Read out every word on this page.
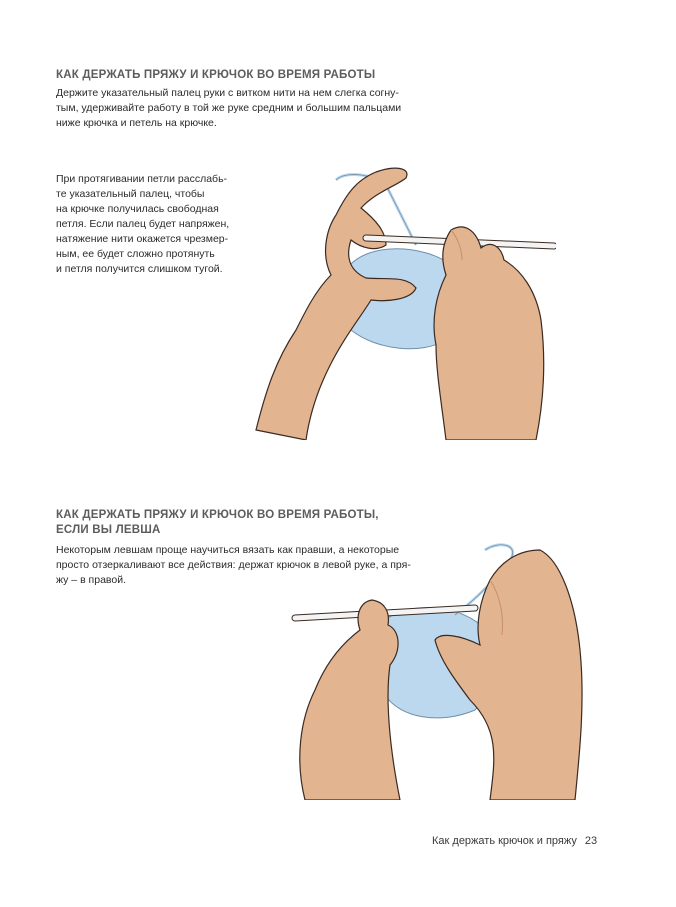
КАК ДЕРЖАТЬ ПРЯЖУ И КРЮЧОК ВО ВРЕМЯ РАБОТЫ
Держите указательный палец руки с витком нити на нем слегка согну-
тым, удерживайте работу в той же руке средним и большим пальцами
ниже крючка и петель на крючке.
При протягивании петли расслабь-
те указательный палец, чтобы
на крючке получилась свободная
петля. Если палец будет напряжен,
натяжение нити окажется чрезмер-
ным, ее будет сложно протянуть
и петля получится слишком тугой.
КАК ДЕРЖАТЬ ПРЯЖУ И КРЮЧОК ВО ВРЕМЯ РАБОТЫ,
ЕСЛИ ВЫ ЛЕВША
Некоторым левшам проще научиться вязать как правши, а некоторые
просто отзеркаливают все действия: держат крючок в левой руке, а пря-
жу – в правой.
Как держать крючок и пряжу 23
